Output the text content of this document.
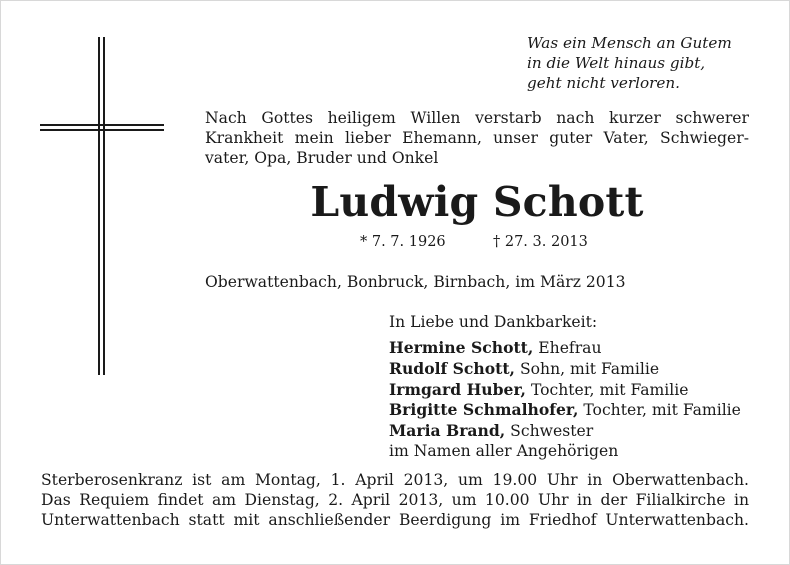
Was ein Mensch an Gutem
in die Welt hinaus gibt,
geht nicht verloren.
Nach Gottes heiligem Willen verstarb nach kurzer schwerer
Krankheit mein lieber Ehemann, unser guter Vater, Schwieger-
vater, Opa, Bruder und Onkel
Ludwig Schott
* 7. 7. 1926	† 27. 3. 2013
Oberwattenbach, Bonbruck, Birnbach, im März 2013
In Liebe und Dankbarkeit:
Hermine Schott, Ehefrau
Rudolf Schott, Sohn, mit Familie
Irmgard Huber, Tochter, mit Familie
Brigitte Schmalhofer, Tochter, mit Familie
Maria Brand, Schwester
im Namen aller Angehörigen
Sterberosenkranz ist am Montag, 1. April 2013, um 19.00 Uhr in Oberwattenbach.
Das Requiem findet am Dienstag, 2. April 2013, um 10.00 Uhr in der Filialkirche in
Unterwattenbach statt mit anschließender Beerdigung im Friedhof Unterwattenbach.
